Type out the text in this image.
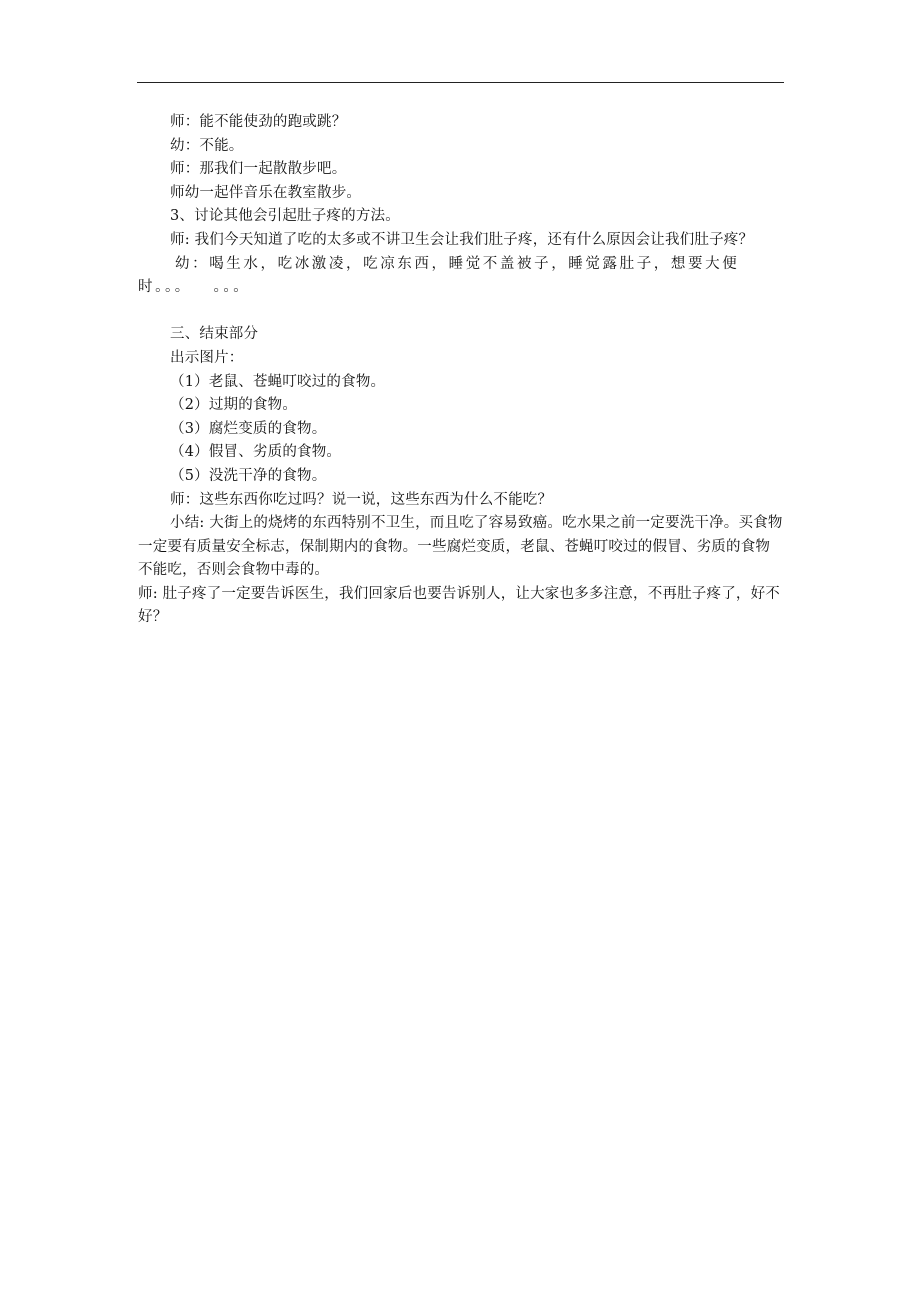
师：能不能使劲的跑或跳？

幼：不能。

师：那我们一起散散步吧。

师幼一起伴音乐在教室散步。

3、讨论其他会引起肚子疼的方法。

师: 我们今天知道了吃的太多或不讲卫生会让我们肚子疼，还有什么原因会让我们肚子疼？

幼：喝生水，吃冰激凌，吃凉东西，睡觉不盖被子，睡觉露肚子，想要大便时。。。   。。。

三、结束部分

出示图片：

（1）老鼠、苍蝇叮咬过的食物。

（2）过期的食物。

（3）腐烂变质的食物。

（4）假冒、劣质的食物。

（5）没洗干净的食物。

师：这些东西你吃过吗？说一说，这些东西为什么不能吃？

小结: 大街上的烧烤的东西特别不卫生，而且吃了容易致癌。吃水果之前一定要洗干净。买食物一定要有质量安全标志，保制期内的食物。一些腐烂变质，老鼠、苍蝇叮咬过的假冒、劣质的食物不能吃，否则会食物中毒的。

师: 肚子疼了一定要告诉医生，我们回家后也要告诉别人，让大家也多多注意，不再肚子疼了，好不好？
